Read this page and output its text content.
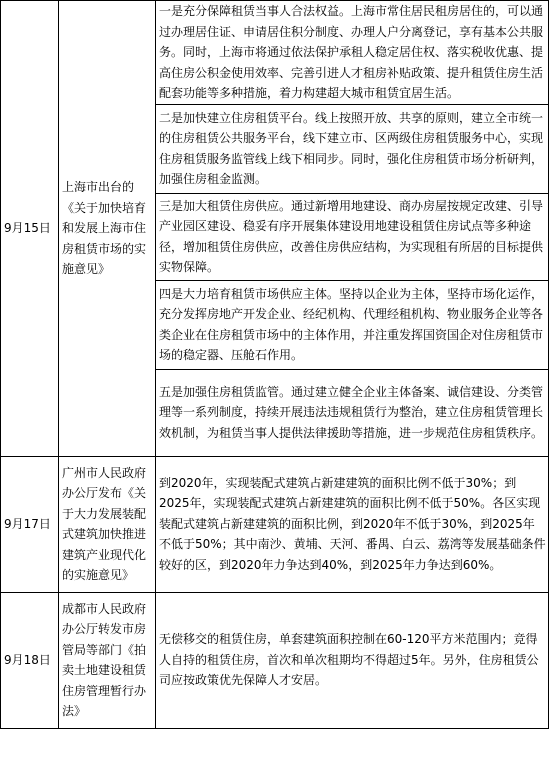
9月15日	上海市出台的《关于加快培育和发展上海市住房租赁市场的实施意见》	一是充分保障租赁当事人合法权益。上海市常住居民租房居住的，可以通过办理居住证、申请居住积分制度、办理人户分离登记，享有基本公共服务。同时，上海市将通过依法保护承租人稳定居住权、落实税收优惠、提高住房公积金使用效率、完善引进人才租房补贴政策、提升租赁住房生活配套功能等多种措施，着力构建超大城市租赁宜居生活。
		二是加快建立住房租赁平台。线上按照开放、共享的原则，建立全市统一的住房租赁公共服务平台，线下建立市、区两级住房租赁服务中心，实现住房租赁服务监管线上线下相同步。同时，强化住房租赁市场分析研判，加强住房租金监测。
		三是加大租赁住房供应。通过新增用地建设、商办房屋按规定改建、引导产业园区建设、稳妥有序开展集体建设用地建设租赁住房试点等多种途径，增加租赁住房供应，改善住房供应结构，为实现租有所居的目标提供实物保障。
		四是大力培育租赁市场供应主体。坚持以企业为主体，坚持市场化运作，充分发挥房地产开发企业、经纪机构、代理经租机构、物业服务企业等各类企业在住房租赁市场中的主体作用，并注重发挥国资国企对住房租赁市场的稳定器、压舱石作用。
		五是加强住房租赁监管。通过建立健全企业主体备案、诚信建设、分类管理等一系列制度，持续开展违法违规租赁行为整治，建立住房租赁管理长效机制，为租赁当事人提供法律援助等措施，进一步规范住房租赁秩序。
9月17日	广州市人民政府办公厅发布《关于大力发展装配式建筑加快推进建筑产业现代化的实施意见》	到2020年，实现装配式建筑占新建建筑的面积比例不低于30%；到2025年，实现装配式建筑占新建建筑的面积比例不低于50%。各区实现装配式建筑占新建建筑的面积比例，到2020年不低于30%，到2025年不低于50%；其中南沙、黄埔、天河、番禺、白云、荔湾等发展基础条件较好的区，到2020年力争达到40%，到2025年力争达到60%。
9月18日	成都市人民政府办公厅转发市房管局等部门《拍卖土地建设租赁住房管理暂行办法》	无偿移交的租赁住房，单套建筑面积控制在60-120平方米范围内；竞得人自持的租赁住房，首次和单次租期均不得超过5年。另外，住房租赁公司应按政策优先保障人才安居。
